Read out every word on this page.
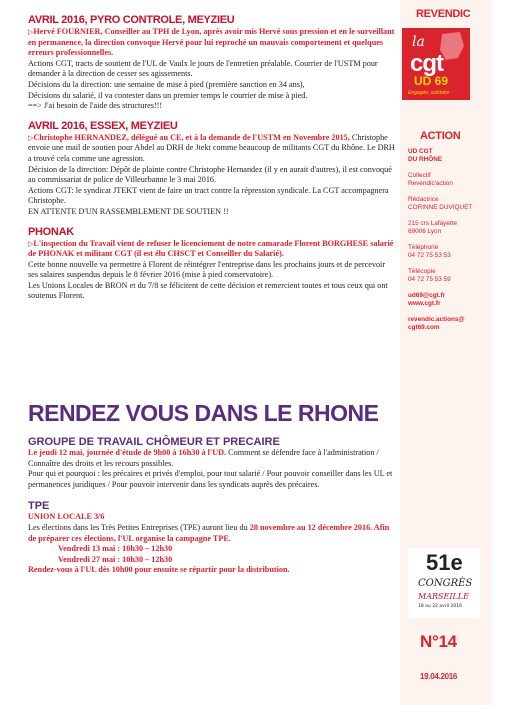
AVRIL 2016, PYRO CONTROLE, MEYZIEU

▷Hervé FOURNIER, Conseiller au TPH de Lyon, après avoir mis Hervé sous pression et en le surveillant en permanence, la direction convoque Hervé pour lui reproché un mauvais comportement et quelques erreurs professionnelles.

Actions CGT, tracts de soutient de l'UL de Vaulx le jours de l'entretien préalable. Courrier de l'USTM pour demander à la direction de cesser ses agissements.

Décisions du la direction: une semaine de mise à pied (première sanction en 34 ans),

Décisions du salarié, il va contester dans un premier temps le courrier de mise à pied.

==> J'ai besoin de l'aide des structures!!!

AVRIL 2016, ESSEX, MEYZIEU

▷Christophe HERNANDEZ, délégué au CE, et à la demande de l'USTM en Novembre 2015, Christophe envoie une mail de soutien pour Abdel au DRH de Jtekt comme beaucoup de militants CGT du Rhône. Le DRH a trouvé cela comme une agression.

Décision de la direction: Dépôt de plainte contre Christophe Hernandez (il y en aurait d'autres), il est convoqué au commissariat de police de Villeurbanne le 3 mai 2016.

Actions CGT: le syndicat JTEKT vient de faire un tract contre la répression syndicale. La CGT accompagnera Christophe.

EN ATTENTE D'UN RASSEMBLEMENT DE SOUTIEN !!

PHONAK

▷L'inspection du Travail vient de refuser le licenciement de notre camarade Florent BORGHESE salarié de PHONAK et militant CGT (il est élu CHSCT et Conseiller du Salarié).

Cette bonne nouvelle va permettre à Florent de réintégrer l'entreprise dans les prochains jours et de percevoir ses salaires suspendus depuis le 8 février 2016 (mise à pied conservatoire).

Les Unions Locales de BRON et du 7/8 se félicitent de cette décision et remercient toutes et tous ceux qui ont soutenus Florent.

RENDEZ VOUS DANS LE RHONE
GROUPE DE TRAVAIL CHÔMEUR ET PRECAIRE

Le jeudi 12 mai, journée d'étude de 9h00 à 16h30 à l'UD. Comment se défendre face à l'administration / Connaître des droits et les recours possibles.

Pour qui et pourquoi : les précaires et privés d'emploi, pour tout salarié / Pour pouvoir conseiller dans les UL et permanences juridiques / Pour pouvoir intervenir dans les syndicats auprès des précaires.

TPE

UNION LOCALE 3/6

Les élections dans les Très Petites Entreprises (TPE) auront lieu du 28 novembre au 12 décembre 2016. Afin de préparer ces élections, l'UL organise la campagne TPE.

Vendredi 13 mai : 10h30 – 12h30

Vendredi 27 mai : 10h30 – 12h30

Rendez-vous à l'UL dès 10h00 pour ensuite se répartir pour la distribution.

REVENDIC
la
cgt
UD 69
Engagée, solidaire
ACTION
UD CGT
DU RHÔNE
Collectif
Revendic'action
Rédactrice
CORINNE DUVIQUET
215 crs Lafayette
69006 Lyon
Téléphone
04 72 75 53 53
Télécopie
04 72 75 53 59
ud69@cgt.fr
www.cgt.fr
revendic.actions@
cgt69.com
51e
CONGRÈS
MARSEILLE
18 au 22 avril 2016
N°14
19.04.2016
